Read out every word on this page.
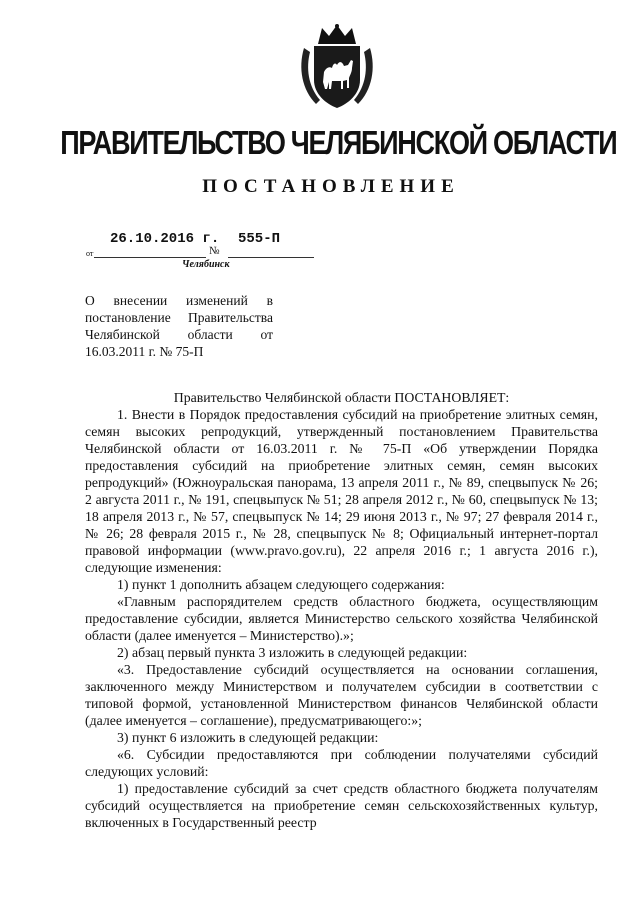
ПРАВИТЕЛЬСТВО ЧЕЛЯБИНСКОЙ ОБЛАСТИ
ПОСТАНОВЛЕНИЕ
от
26.10.2016 г.
№
555-П
Челябинск
О внесении изменений в постановление Правительства Челябинской области от 16.03.2011 г. № 75-П

Правительство Челябинской области ПОСТАНОВЛЯЕТ:

1. Внести в Порядок предоставления субсидий на приобретение элитных семян, семян высоких репродукций, утвержденный постановлением Правительства Челябинской области от 16.03.2011 г. № 75-П «Об утверждении Порядка предоставления субсидий на приобретение элитных семян, семян высоких репродукций» (Южноуральская панорама, 13 апреля 2011 г., № 89, спецвыпуск № 26; 2 августа 2011 г., № 191, спецвыпуск № 51; 28 апреля 2012 г., № 60, спецвыпуск № 13; 18 апреля 2013 г., № 57, спецвыпуск № 14; 29 июня 2013 г., № 97; 27 февраля 2014 г., № 26; 28 февраля 2015 г., № 28, спецвыпуск № 8; Официальный интернет-портал правовой информации (www.pravo.gov.ru), 22 апреля 2016 г.; 1 августа 2016 г.), следующие изменения:

1) пункт 1 дополнить абзацем следующего содержания:

«Главным распорядителем средств областного бюджета, осуществляющим предоставление субсидии, является Министерство сельского хозяйства Челябинской области (далее именуется – Министерство).»;

2) абзац первый пункта 3 изложить в следующей редакции:

«3. Предоставление субсидий осуществляется на основании соглашения, заключенного между Министерством и получателем субсидии в соответствии с типовой формой, установленной Министерством финансов Челябинской области (далее именуется – соглашение), предусматривающего:»;

3) пункт 6 изложить в следующей редакции:

«6. Субсидии предоставляются при соблюдении получателями субсидий следующих условий:

1) предоставление субсидий за счет средств областного бюджета получателям субсидий осуществляется на приобретение семян сельскохозяйственных культур, включенных в Государственный реестр
